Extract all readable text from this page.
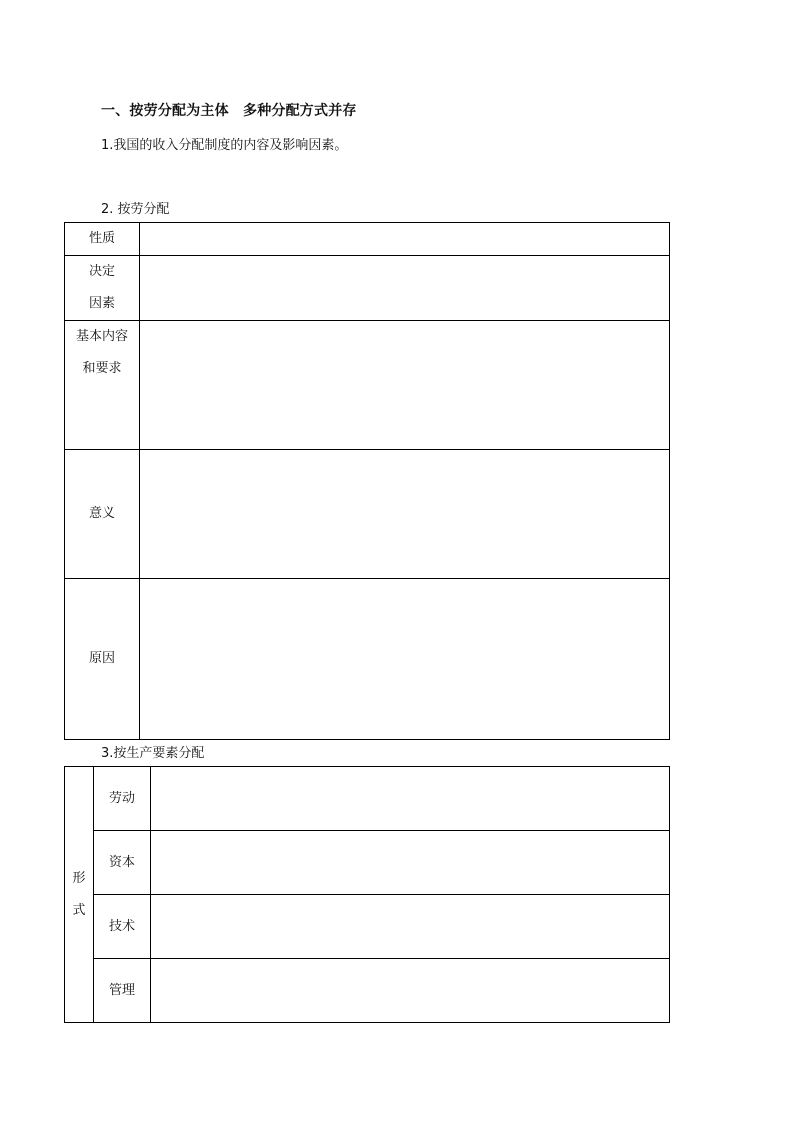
一、按劳分配为主体　多种分配方式并存
1.我国的收入分配制度的内容及影响因素。
2. 按劳分配
性质	

决定
因素	

基本内容
和要求	

意义	

原因	

3.按生产要素分配
形
式	劳动	
	资本	
	技术	
	管理	
